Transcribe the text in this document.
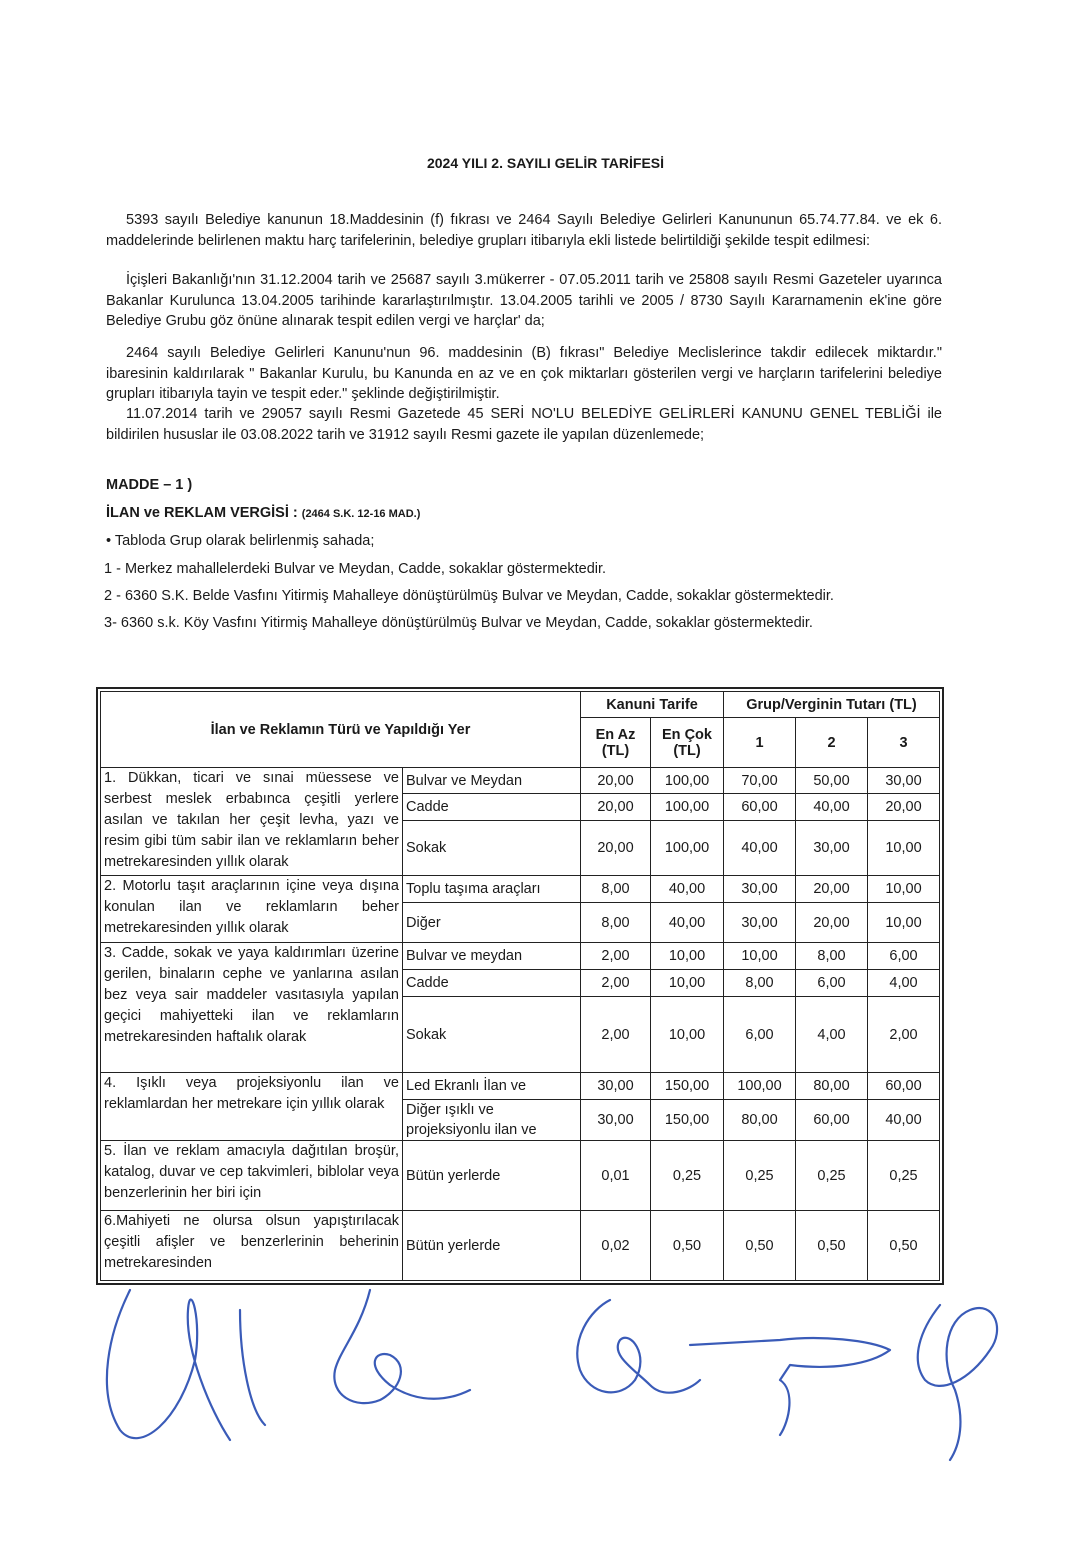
2024 YILI 2. SAYILI GELİR TARİFESİ
5393 sayılı Belediye kanunun 18.Maddesinin (f) fıkrası ve 2464 Sayılı Belediye Gelirleri Kanununun 65.74.77.84. ve ek 6. maddelerinde belirlenen maktu harç tarifelerinin, belediye grupları itibarıyla ekli listede belirtildiği şekilde tespit edilmesi:
İçişleri Bakanlığı'nın 31.12.2004 tarih ve 25687 sayılı 3.mükerrer - 07.05.2011 tarih ve 25808 sayılı Resmi Gazeteler uyarınca Bakanlar Kurulunca 13.04.2005 tarihinde kararlaştırılmıştır. 13.04.2005 tarihli ve 2005 / 8730 Sayılı Kararnamenin ek'ine göre Belediye Grubu göz önüne alınarak tespit edilen vergi ve harçlar' da;
2464 sayılı Belediye Gelirleri Kanunu'nun 96. maddesinin (B) fıkrası" Belediye Meclislerince takdir edilecek miktardır." ibaresinin kaldırılarak " Bakanlar Kurulu, bu Kanunda en az ve en çok miktarları gösterilen vergi ve harçların tarifelerini belediye grupları itibarıyla tayin ve tespit eder." şeklinde değiştirilmiştir.
11.07.2014 tarih ve 29057 sayılı Resmi Gazetede 45 SERİ NO'LU BELEDİYE GELİRLERİ KANUNU GENEL TEBLİĞİ ile bildirilen hususlar ile 03.08.2022 tarih ve 31912 sayılı Resmi gazete ile yapılan düzenlemede;
MADDE – 1 )
İLAN ve REKLAM VERGİSİ : (2464 S.K. 12-16 MAD.)
• Tabloda Grup olarak belirlenmiş sahada;
1 - Merkez mahallelerdeki Bulvar ve Meydan, Cadde, sokaklar göstermektedir.
2 - 6360 S.K. Belde Vasfını Yitirmiş Mahalleye dönüştürülmüş Bulvar ve Meydan, Cadde, sokaklar göstermektedir.
3- 6360 s.k. Köy Vasfını Yitirmiş Mahalleye dönüştürülmüş Bulvar ve Meydan, Cadde, sokaklar göstermektedir.
İlan ve Reklamın Türü ve Yapıldığı Yer		Kanuni Tarife		Grup/Verginin Tutarı (TL)		
		En Az (TL)	En Çok (TL)	1	2	3
1. Dükkan, ticari ve sınai müessese ve serbest meslek erbabınca çeşitli yerlere asılan ve takılan her çeşit levha, yazı ve resim gibi tüm sabir ilan ve reklamların beher metrekaresinden yıllık olarak	Bulvar ve Meydan	20,00	100,00	70,00	50,00	30,00
	Cadde	20,00	100,00	60,00	40,00	20,00
	Sokak	20,00	100,00	40,00	30,00	10,00
2. Motorlu taşıt araçlarının içine veya dışına konulan ilan ve reklamların beher metrekaresinden yıllık olarak	Toplu taşıma araçları	8,00	40,00	30,00	20,00	10,00
	Diğer	8,00	40,00	30,00	20,00	10,00
3. Cadde, sokak ve yaya kaldırımları üzerine gerilen, binaların cephe ve yanlarına asılan bez veya sair maddeler vasıtasıyla yapılan geçici mahiyetteki ilan ve reklamların metrekaresinden haftalık olarak	Bulvar ve meydan	2,00	10,00	10,00	8,00	6,00
	Cadde	2,00	10,00	8,00	6,00	4,00
	Sokak	2,00	10,00	6,00	4,00	2,00
4. Işıklı veya projeksiyonlu ilan ve reklamlardan her metrekare için yıllık olarak	Led Ekranlı İlan ve	30,00	150,00	100,00	80,00	60,00
	Diğer ışıklı ve projeksiyonlu ilan ve	30,00	150,00	80,00	60,00	40,00
5. İlan ve reklam amacıyla dağıtılan broşür, katalog, duvar ve cep takvimleri, biblolar veya benzerlerinin her biri için	Bütün yerlerde	0,01	0,25	0,25	0,25	0,25
6.Mahiyeti ne olursa olsun yapıştırılacak çeşitli afişler ve benzerlerinin beherinin metrekaresinden	Bütün yerlerde	0,02	0,50	0,50	0,50	0,50
